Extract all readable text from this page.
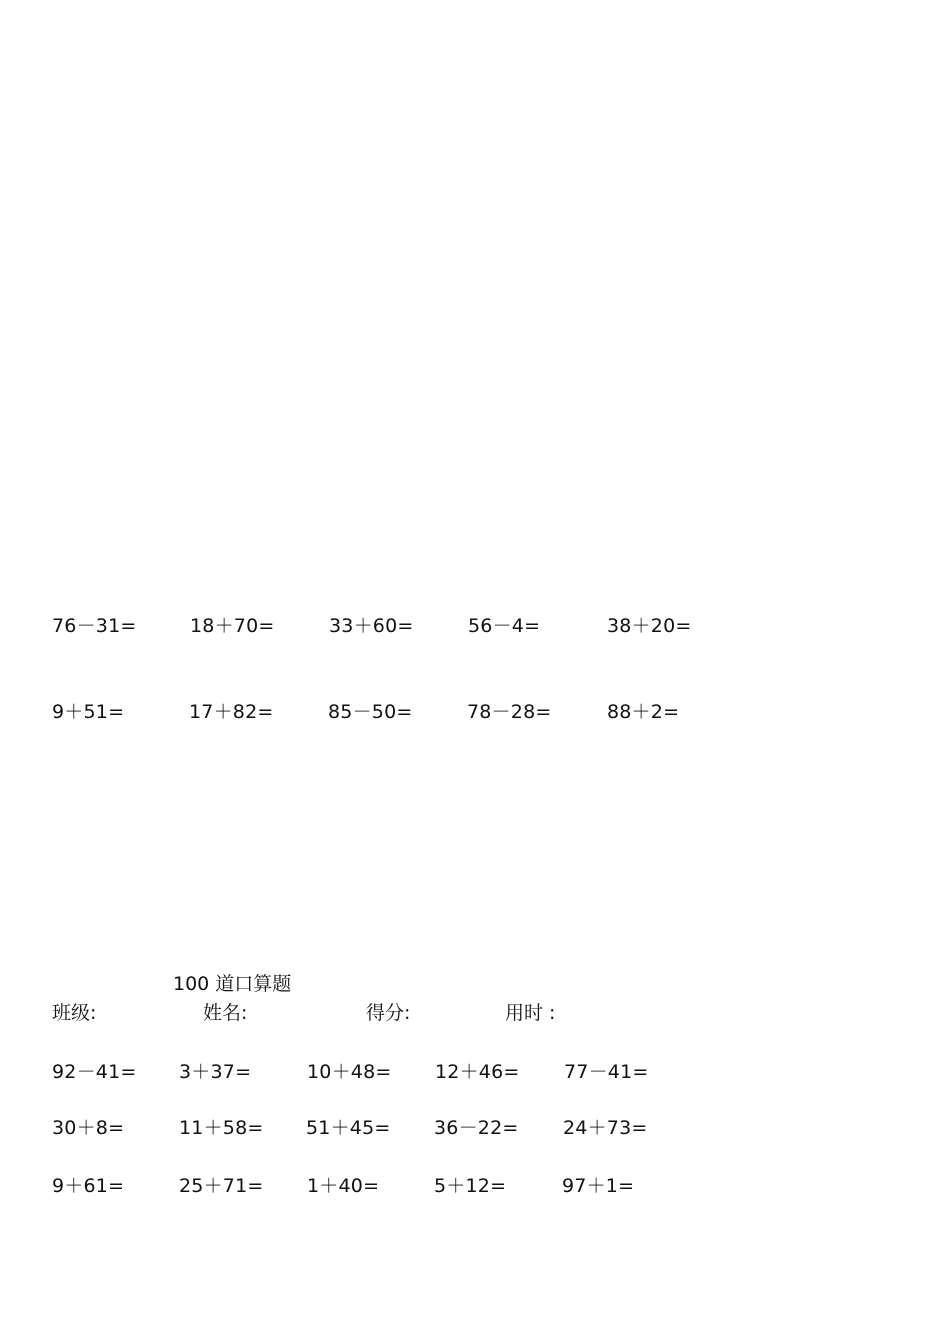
76－31=	18＋70=	33＋60=	56－4=	38＋20=
9＋51=	17＋82=	85－50=	78－28=	88＋2=
100 道口算题
班级:	姓名:	得分:	用时 :
92－41= 3＋37=	10＋48= 12＋46= 77－41=
30＋8=	11＋58= 51＋45= 36－22= 24＋73=
9＋61=	25＋71= 1＋40=	5＋12=	97＋1=
